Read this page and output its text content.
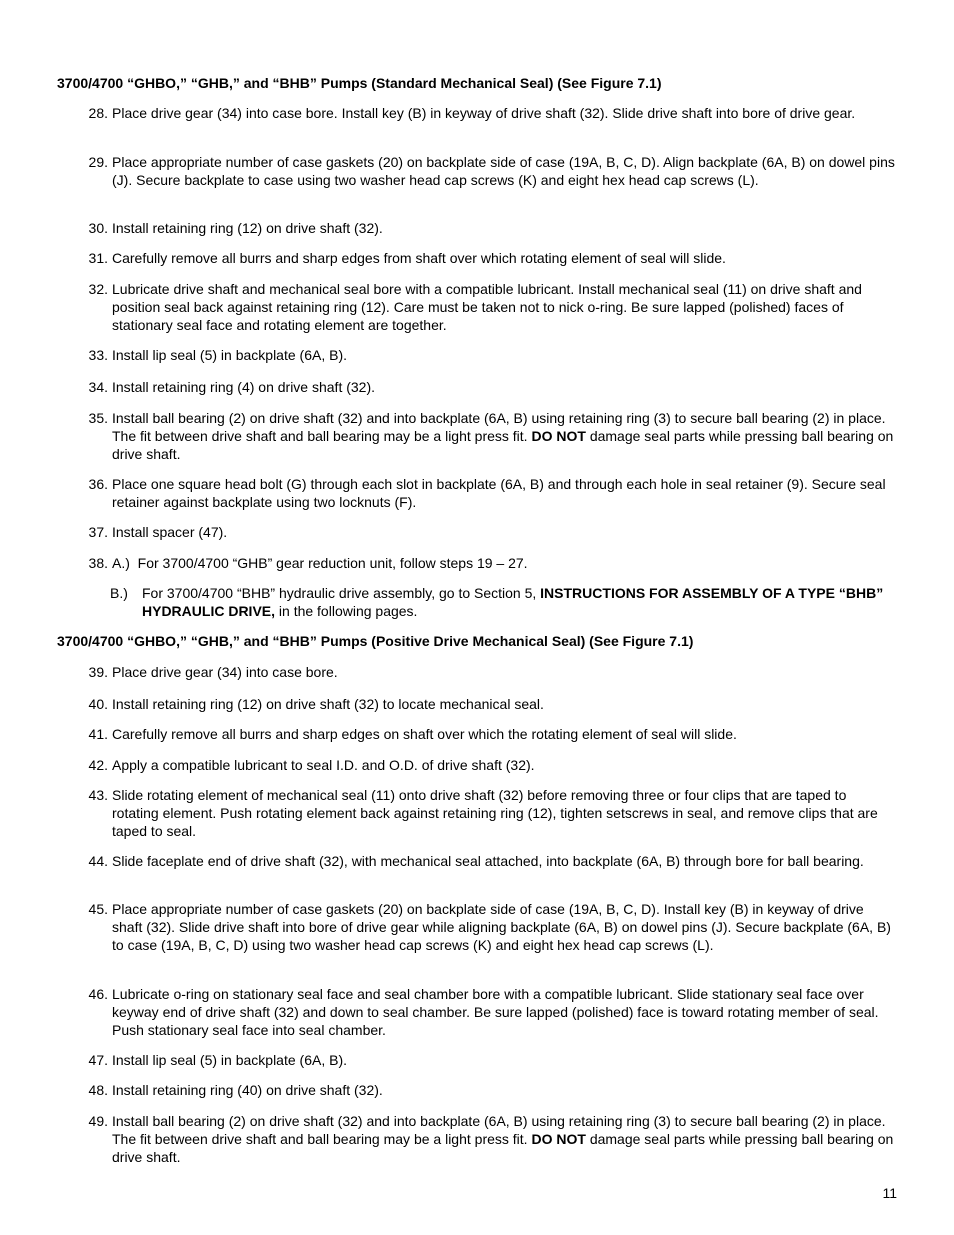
3700/4700 “GHBO,” “GHB,” and “BHB” Pumps (Standard Mechanical Seal) (See Figure 7.1)
28. Place drive gear (34) into case bore. Install key (B) in keyway of drive shaft (32). Slide drive shaft into bore of drive gear.
29. Place appropriate number of case gaskets (20) on backplate side of case (19A, B, C, D). Align backplate (6A, B) on dowel pins (J). Secure backplate to case using two washer head cap screws (K) and eight hex head cap screws (L).
30. Install retaining ring (12) on drive shaft (32).
31. Carefully remove all burrs and sharp edges from shaft over which rotating element of seal will slide.
32. Lubricate drive shaft and mechanical seal bore with a compatible lubricant. Install mechanical seal (11) on drive shaft and position seal back against retaining ring (12). Care must be taken not to nick o-ring. Be sure lapped (polished) faces of stationary seal face and rotating element are together.
33. Install lip seal (5) in backplate (6A, B).
34. Install retaining ring (4) on drive shaft (32).
35. Install ball bearing (2) on drive shaft (32) and into backplate (6A, B) using retaining ring (3) to secure ball bearing (2) in place. The fit between drive shaft and ball bearing may be a light press fit. DO NOT damage seal parts while pressing ball bearing on drive shaft.
36. Place one square head bolt (G) through each slot in backplate (6A, B) and through each hole in seal retainer (9). Secure seal retainer against backplate using two locknuts (F).
37. Install spacer (47).
38. A.)  For 3700/4700 “GHB” gear reduction unit, follow steps 19 – 27.
B.)	For 3700/4700 “BHB” hydraulic drive assembly, go to Section 5, INSTRUCTIONS FOR ASSEMBLY OF A TYPE “BHB” HYDRAULIC DRIVE, in the following pages.
3700/4700 “GHBO,” “GHB,” and “BHB” Pumps (Positive Drive Mechanical Seal) (See Figure 7.1)
39. Place drive gear (34) into case bore.
40. Install retaining ring (12) on drive shaft (32) to locate mechanical seal.
41. Carefully remove all burrs and sharp edges on shaft over which the rotating element of seal will slide.
42. Apply a compatible lubricant to seal I.D. and O.D. of drive shaft (32).
43. Slide rotating element of mechanical seal (11) onto drive shaft (32) before removing three or four clips that are taped to rotating element. Push rotating element back against retaining ring (12), tighten setscrews in seal, and remove clips that are taped to seal.
44. Slide faceplate end of drive shaft (32), with mechanical seal attached, into backplate (6A, B) through bore for ball bearing.
45. Place appropriate number of case gaskets (20) on backplate side of case (19A, B, C, D). Install key (B) in keyway of drive shaft (32). Slide drive shaft into bore of drive gear while aligning backplate (6A, B) on dowel pins (J). Secure backplate (6A, B) to case (19A, B, C, D) using two washer head cap screws (K) and eight hex head cap screws (L).
46. Lubricate o-ring on stationary seal face and seal chamber bore with a compatible lubricant. Slide stationary seal face over keyway end of drive shaft (32) and down to seal chamber. Be sure lapped (polished) face is toward rotating member of seal. Push stationary seal face into seal chamber.
47. Install lip seal (5) in backplate (6A, B).
48. Install retaining ring (40) on drive shaft (32).
49. Install ball bearing (2) on drive shaft (32) and into backplate (6A, B) using retaining ring (3) to secure ball bearing (2) in place. The fit between drive shaft and ball bearing may be a light press fit. DO NOT damage seal parts while pressing ball bearing on drive shaft.
11
